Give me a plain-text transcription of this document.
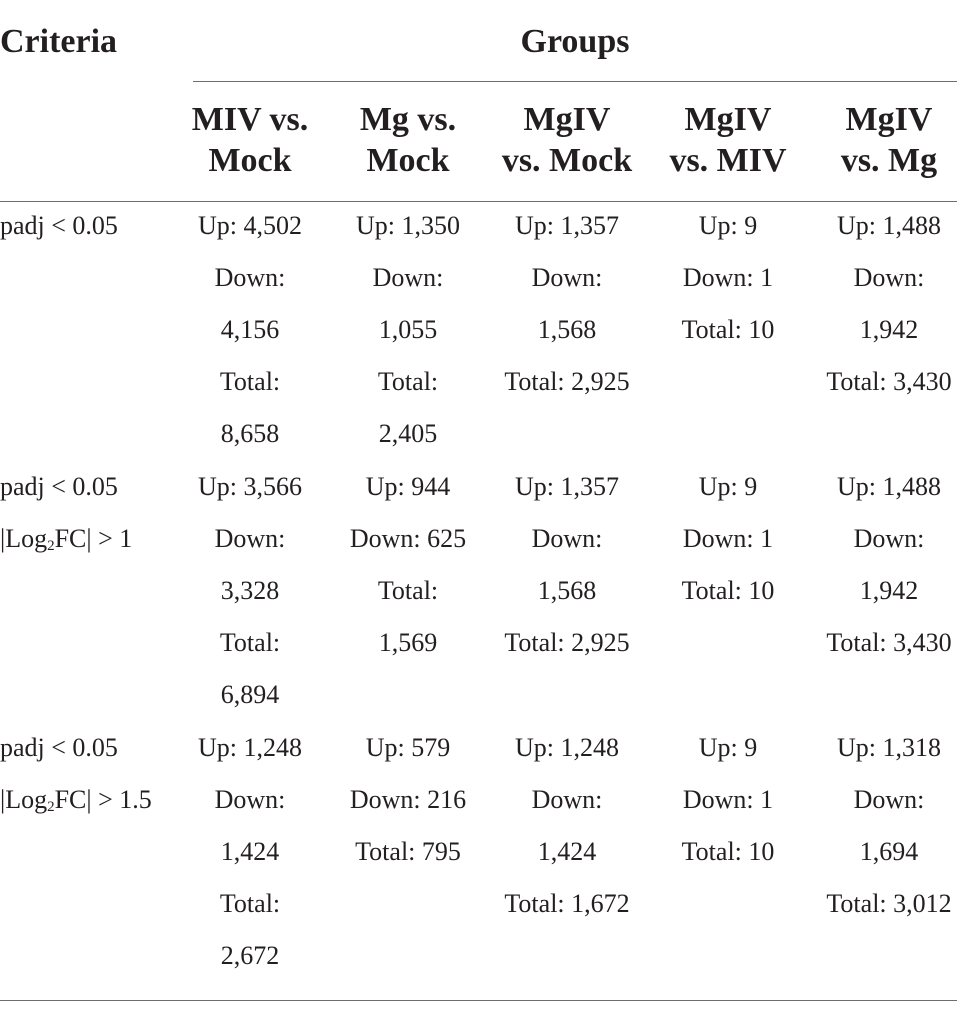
Criteria	Groups
MIV vs.
Mock
Mg vs.
Mock
MgIV
vs. Mock
MgIV
vs. MIV
MgIV
vs. Mg
padj < 0.05	Up: 4,502
Down:
4,156
Total:
8,658
Up: 1,350
Down:
1,055
Total:
2,405
Up: 1,357
Down:
1,568
Total: 2,925
Up: 9
Down: 1
Total: 10
Up: 1,488
Down:
1,942
Total: 3,430
padj < 0.05
|Log$_2$FC| > 1
Up: 3,566
Down:
3,328
Total:
6,894
Up: 944
Down: 625
Total:
1,569
Up: 1,357
Down:
1,568
Total: 2,925
Up: 9
Down: 1
Total: 10
Up: 1,488
Down:
1,942
Total: 3,430
padj < 0.05
|Log$_2$FC| > 1.5
Up: 1,248
Down:
1,424
Total:
2,672
Up: 579
Down: 216
Total: 795
Up: 1,248
Down:
1,424
Total: 1,672
Up: 9
Down: 1
Total: 10
Up: 1,318
Down:
1,694
Total: 3,012
